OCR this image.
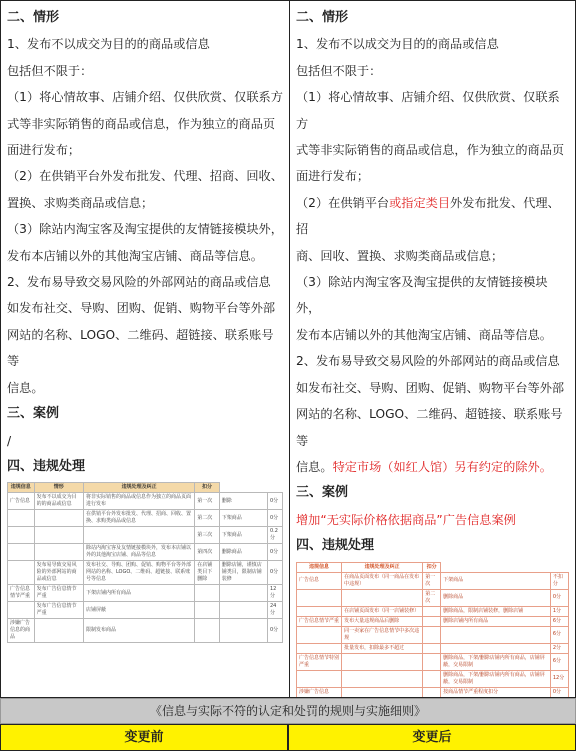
二、情形

1、发布不以成交为目的的商品或信息

包括但不限于：

（1）将心情故事、店铺介绍、仅供欣赏、仅联系方

式等非实际销售的商品或信息，作为独立的商品页

面进行发布；

（2）在供销平台外发布批发、代理、招商、回收、

置换、求购类商品或信息；

（3）除站内淘宝客及淘宝提供的友情链接模块外，

发布本店铺以外的其他淘宝店铺、商品等信息。

2、发布易导致交易风险的外部网站的商品或信息

如发布社交、导购、团购、促销、购物平台等外部

网站的名称、LOGO、二维码、超链接、联系账号等

信息。

三、案例

/

四、违规处理

违规信息	情形	违规处理及纠正	扣分		
广告信息	发布不以成交为目的的商品或信息	将非实际销售的商品或信息作为独立的商品页面进行发布	第一次	删除	0分
		在供销平台外发布批发、代理、招商、回收、置换、求购类商品或信息	第二次	下架商品	0分
			第三次	下架商品	0.2分
		除站内淘宝客及友情链接模块外，发布本店铺以外的其他淘宝店铺、商品等信息	第四次	删除商品	0分
	发布易导致交易风险的外部网站的商品或信息	发布社交、导购、团购、促销、购物平台等外部网站的名称、LOGO、二维码、超链接、联系账号等信息	在店铺类目下删除	删除店铺，谨慎店铺类目，限制店铺装修	0分
广告信息情节严重	发布广告信息情节严重	下架店铺内所有商品			12分
	发布广告信息情节严重	店铺屏蔽			24分
涉嫌广告信息的商品		限制发布商品			0分

二、情形

1、发布不以成交为目的的商品或信息

包括但不限于：

（1）将心情故事、店铺介绍、仅供欣赏、仅联系方

式等非实际销售的商品或信息，作为独立的商品页

面进行发布；

（2）在供销平台或指定类目外发布批发、代理、招

商、回收、置换、求购类商品或信息；

（3）除站内淘宝客及淘宝提供的友情链接模块外，

发布本店铺以外的其他淘宝店铺、商品等信息。

2、发布易导致交易风险的外部网站的商品或信息

如发布社交、导购、团购、促销、购物平台等外部

网站的名称、LOGO、二维码、超链接、联系账号等

信息。特定市场（如红人馆）另有约定的除外。

三、案例

增加“无实际价格依据商品”广告信息案例

四、违规处理

违规信息	违规处理及纠正	扣分		
广告信息	在商品页面发布（同一商品在发布中违规）	第一次	下架商品	不扣分
		第二次	删除商品	0分
	在店铺页面发布（同一店铺装修）		删除商品，限制店铺装修，删除店铺	1分
广告信息情节严重	发布大量违规商品后删除		删除店铺内所有商品	6分
	同一卖家在广告信息情节中多次违规			6分
	批量发布，扣除最多不超过			2分
广告信息情节特别严重			删除商品，下架/删除店铺内所有商品，店铺屏蔽，交易限制	6分
			删除商品，下架/删除店铺内所有商品，店铺屏蔽，交易限制	12分
涉嫌广告信息			按商品情节严重程度扣分	0分
《信息与实际不符的认定和处罚的规则与实施细则》
变更前	变更后
